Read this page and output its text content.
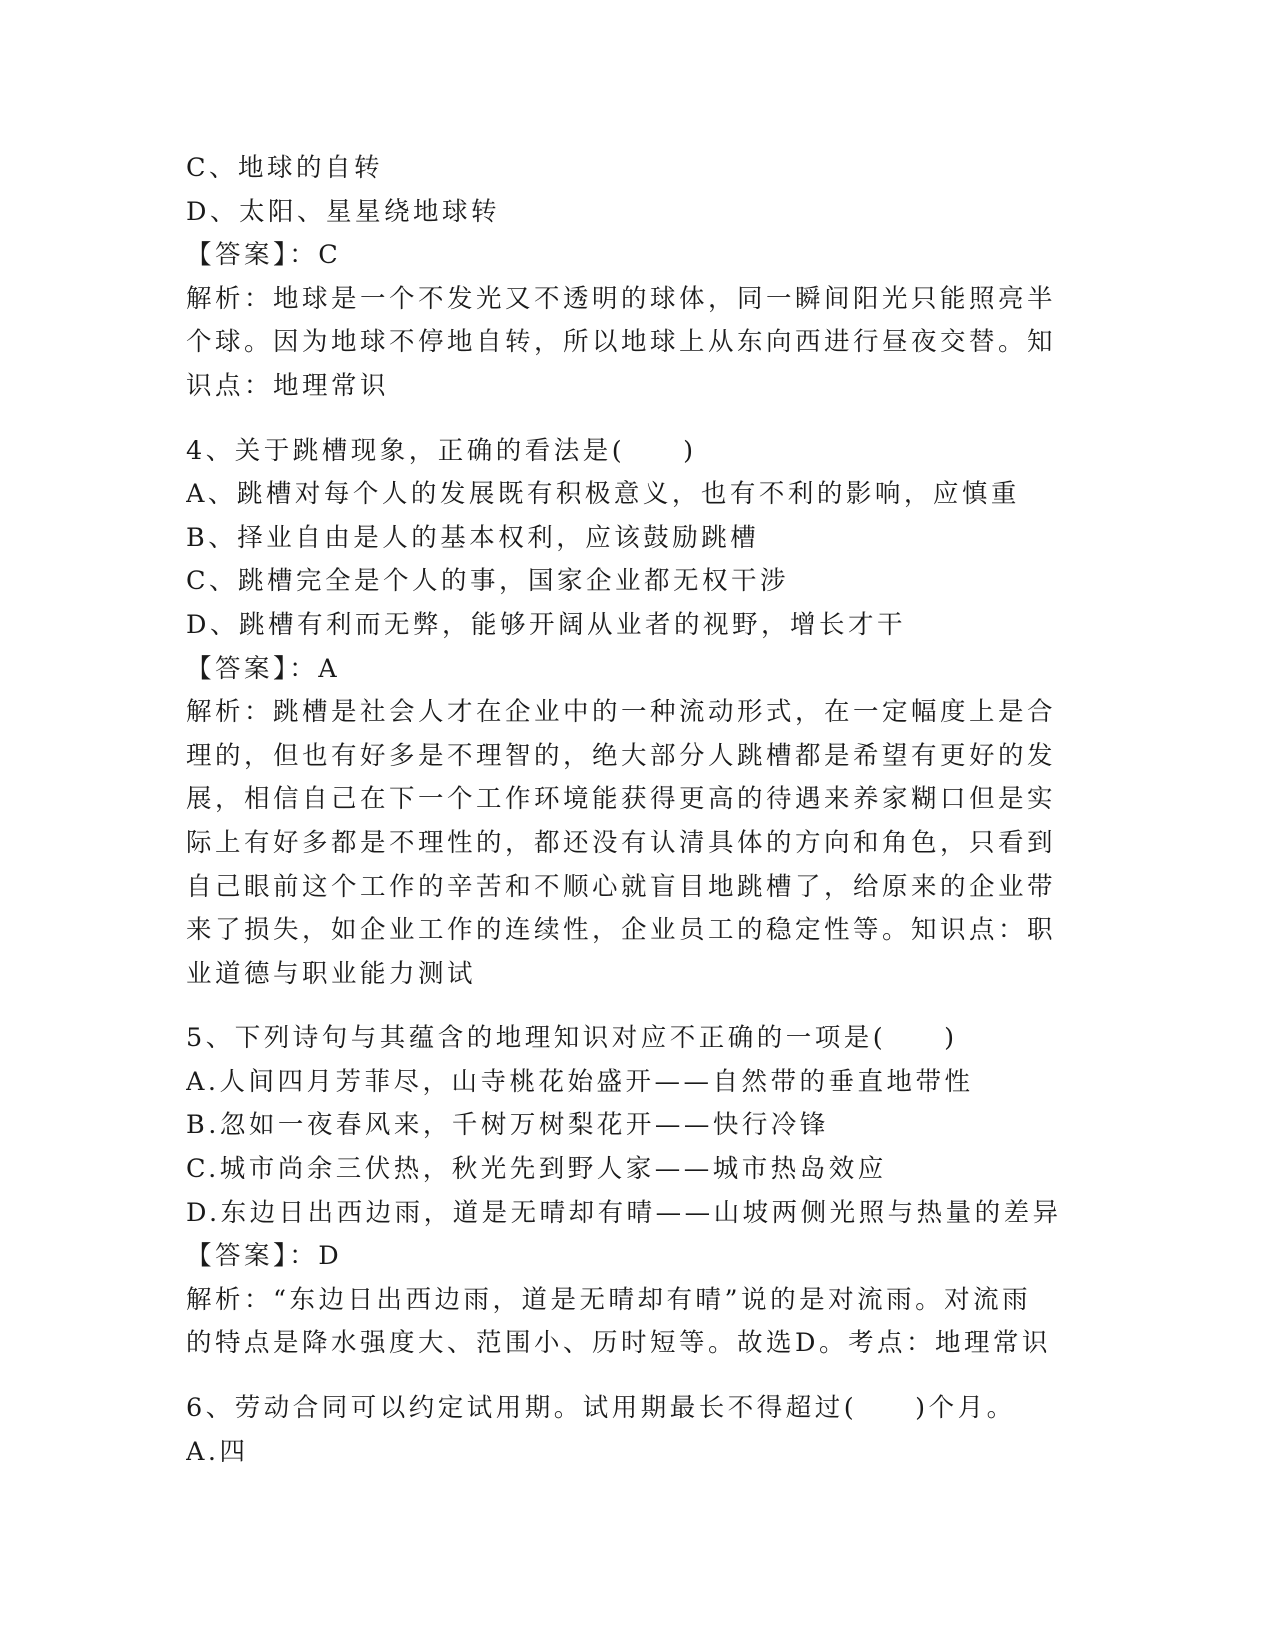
C、地球的自转
D、太阳、星星绕地球转
【答案】：C
解析：地球是一个不发光又不透明的球体，同一瞬间阳光只能照亮半
个球。因为地球不停地自转，所以地球上从东向西进行昼夜交替。知
识点：地理常识
4、关于跳槽现象，正确的看法是(　　)
A、跳槽对每个人的发展既有积极意义，也有不利的影响，应慎重
B、择业自由是人的基本权利，应该鼓励跳槽
C、跳槽完全是个人的事，国家企业都无权干涉
D、跳槽有利而无弊，能够开阔从业者的视野，增长才干
【答案】：A
解析：跳槽是社会人才在企业中的一种流动形式，在一定幅度上是合
理的，但也有好多是不理智的，绝大部分人跳槽都是希望有更好的发
展，相信自己在下一个工作环境能获得更高的待遇来养家糊口但是实
际上有好多都是不理性的，都还没有认清具体的方向和角色，只看到
自己眼前这个工作的辛苦和不顺心就盲目地跳槽了，给原来的企业带
来了损失，如企业工作的连续性，企业员工的稳定性等。知识点：职
业道德与职业能力测试
5、下列诗句与其蕴含的地理知识对应不正确的一项是(　　)
A.人间四月芳菲尽，山寺桃花始盛开——自然带的垂直地带性
B.忽如一夜春风来，千树万树梨花开——快行冷锋
C.城市尚余三伏热，秋光先到野人家——城市热岛效应
D.东边日出西边雨，道是无晴却有晴——山坡两侧光照与热量的差异
【答案】：D
解析：“东边日出西边雨，道是无晴却有晴”说的是对流雨。对流雨
的特点是降水强度大、范围小、历时短等。故选D。考点：地理常识
6、劳动合同可以约定试用期。试用期最长不得超过(　　)个月。
A.四
